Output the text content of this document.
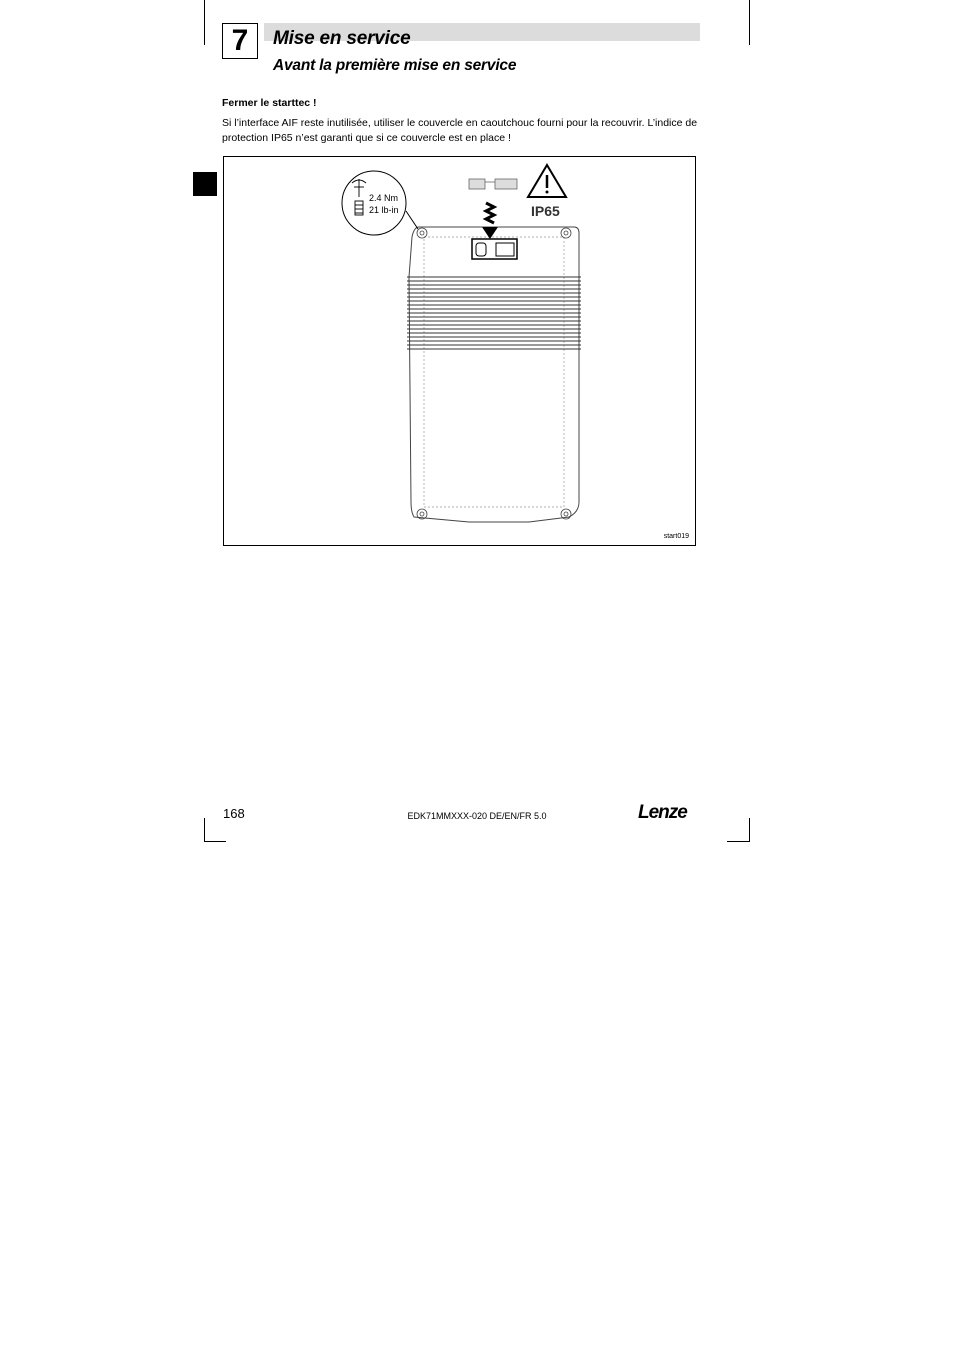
7	Mise en service
Avant la première mise en service
Fermer le starttec !
Si l’interface AIF reste inutilisée, utiliser le couvercle en caoutchouc fourni pour la recouvrir. L’indice de protection IP65 n’est garanti que si ce couvercle est en place !
2.4 Nm
21 lb-in	IP65
start019
168	EDK71MMXXX-020 DE/EN/FR 5.0	Lenze
